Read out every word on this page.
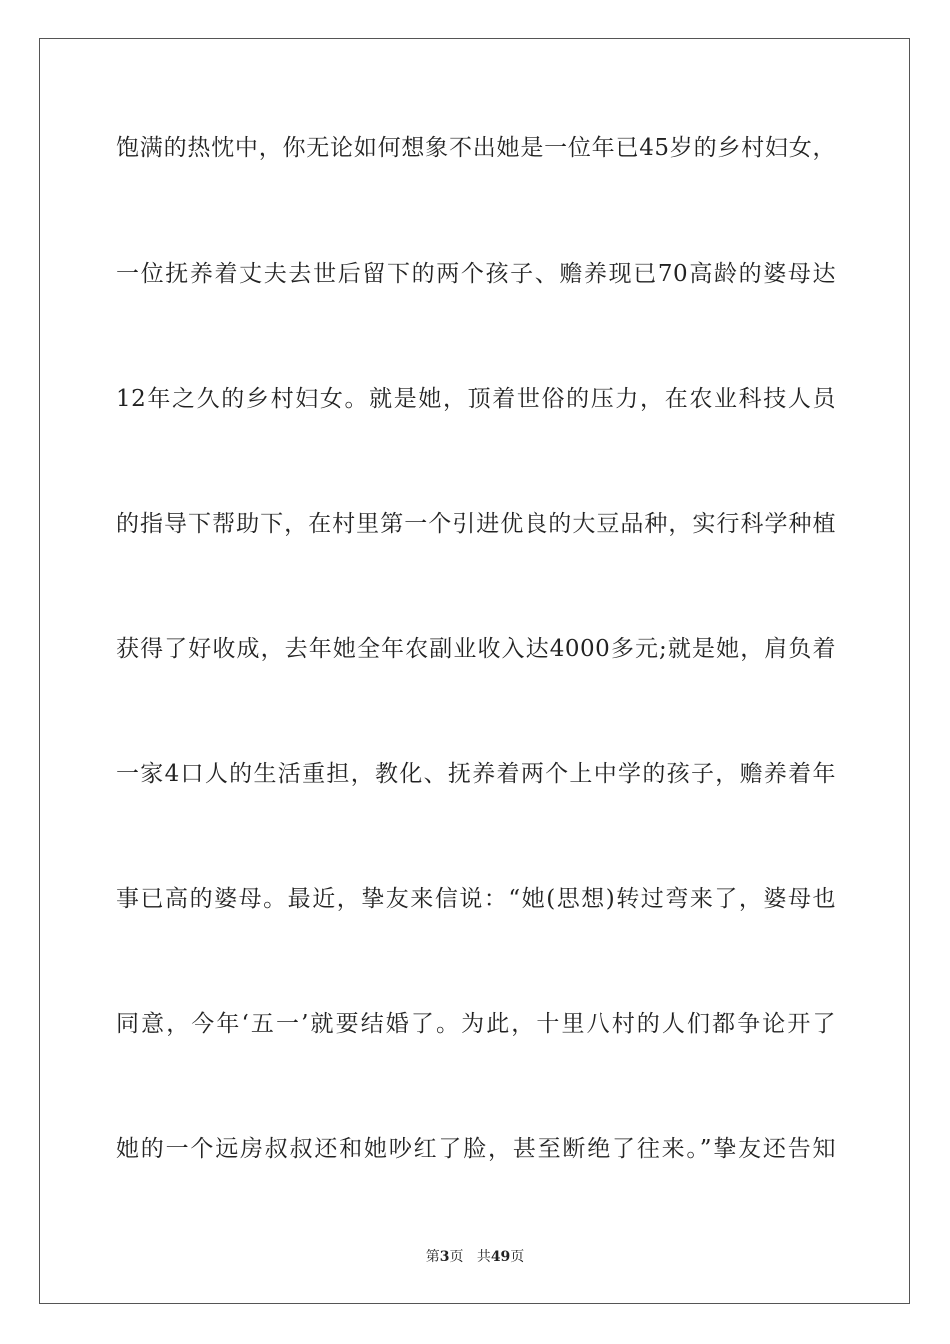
饱满的热忱中，你无论如何想象不出她是一位年已45岁的乡村妇女，
一位抚养着丈夫去世后留下的两个孩子、赡养现已70高龄的婆母达
12年之久的乡村妇女。就是她，顶着世俗的压力，在农业科技人员
的指导下帮助下，在村里第一个引进优良的大豆品种，实行科学种植
获得了好收成，去年她全年农副业收入达4000多元;就是她，肩负着
一家4口人的生活重担，教化、抚养着两个上中学的孩子，赡养着年
事已高的婆母。最近，挚友来信说：“她(思想)转过弯来了，婆母也
同意，今年‘五一’就要结婚了。为此，十里八村的人们都争论开了
她的一个远房叔叔还和她吵红了脸，甚至断绝了往来。”挚友还告知
第3页 共49页
